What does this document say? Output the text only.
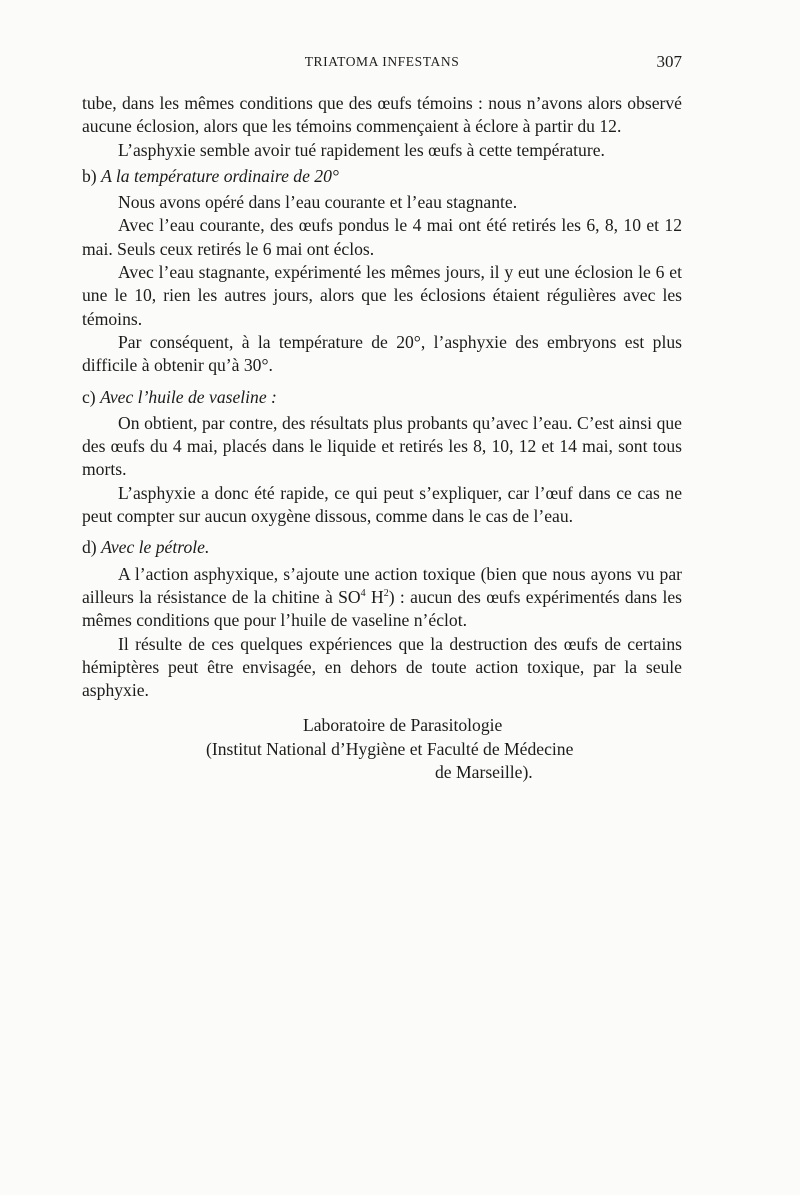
TRIATOMA INFESTANS	307

tube, dans les mêmes conditions que des œufs témoins : nous n’avons alors observé aucune éclosion, alors que les témoins commençaient à éclore à partir du 12.

L’asphyxie semble avoir tué rapidement les œufs à cette température.

b) A la température ordinaire de 20°

Nous avons opéré dans l’eau courante et l’eau stagnante.

Avec l’eau courante, des œufs pondus le 4 mai ont été retirés les 6, 8, 10 et 12 mai. Seuls ceux retirés le 6 mai ont éclos.

Avec l’eau stagnante, expérimenté les mêmes jours, il y eut une éclosion le 6 et une le 10, rien les autres jours, alors que les éclosions étaient régulières avec les témoins.

Par conséquent, à la température de 20°, l’asphyxie des embryons est plus difficile à obtenir qu’à 30°.

c) Avec l’huile de vaseline :

On obtient, par contre, des résultats plus probants qu’avec l’eau. C’est ainsi que des œufs du 4 mai, placés dans le liquide et retirés les 8, 10, 12 et 14 mai, sont tous morts.

L’asphyxie a donc été rapide, ce qui peut s’expliquer, car l’œuf dans ce cas ne peut compter sur aucun oxygène dissous, comme dans le cas de l’eau.

d) Avec le pétrole.

A l’action asphyxique, s’ajoute une action toxique (bien que nous ayons vu par ailleurs la résistance de la chitine à $SO^4$ $H^2$) : aucun des œufs expérimentés dans les mêmes conditions que pour l’huile de vaseline n’éclot.

Il résulte de ces quelques expériences que la destruction des œufs de certains hémiptères peut être envisagée, en dehors de toute action toxique, par la seule asphyxie.

Laboratoire de Parasitologie
(Institut National d’Hygiène et Faculté de Médecine
de Marseille).
